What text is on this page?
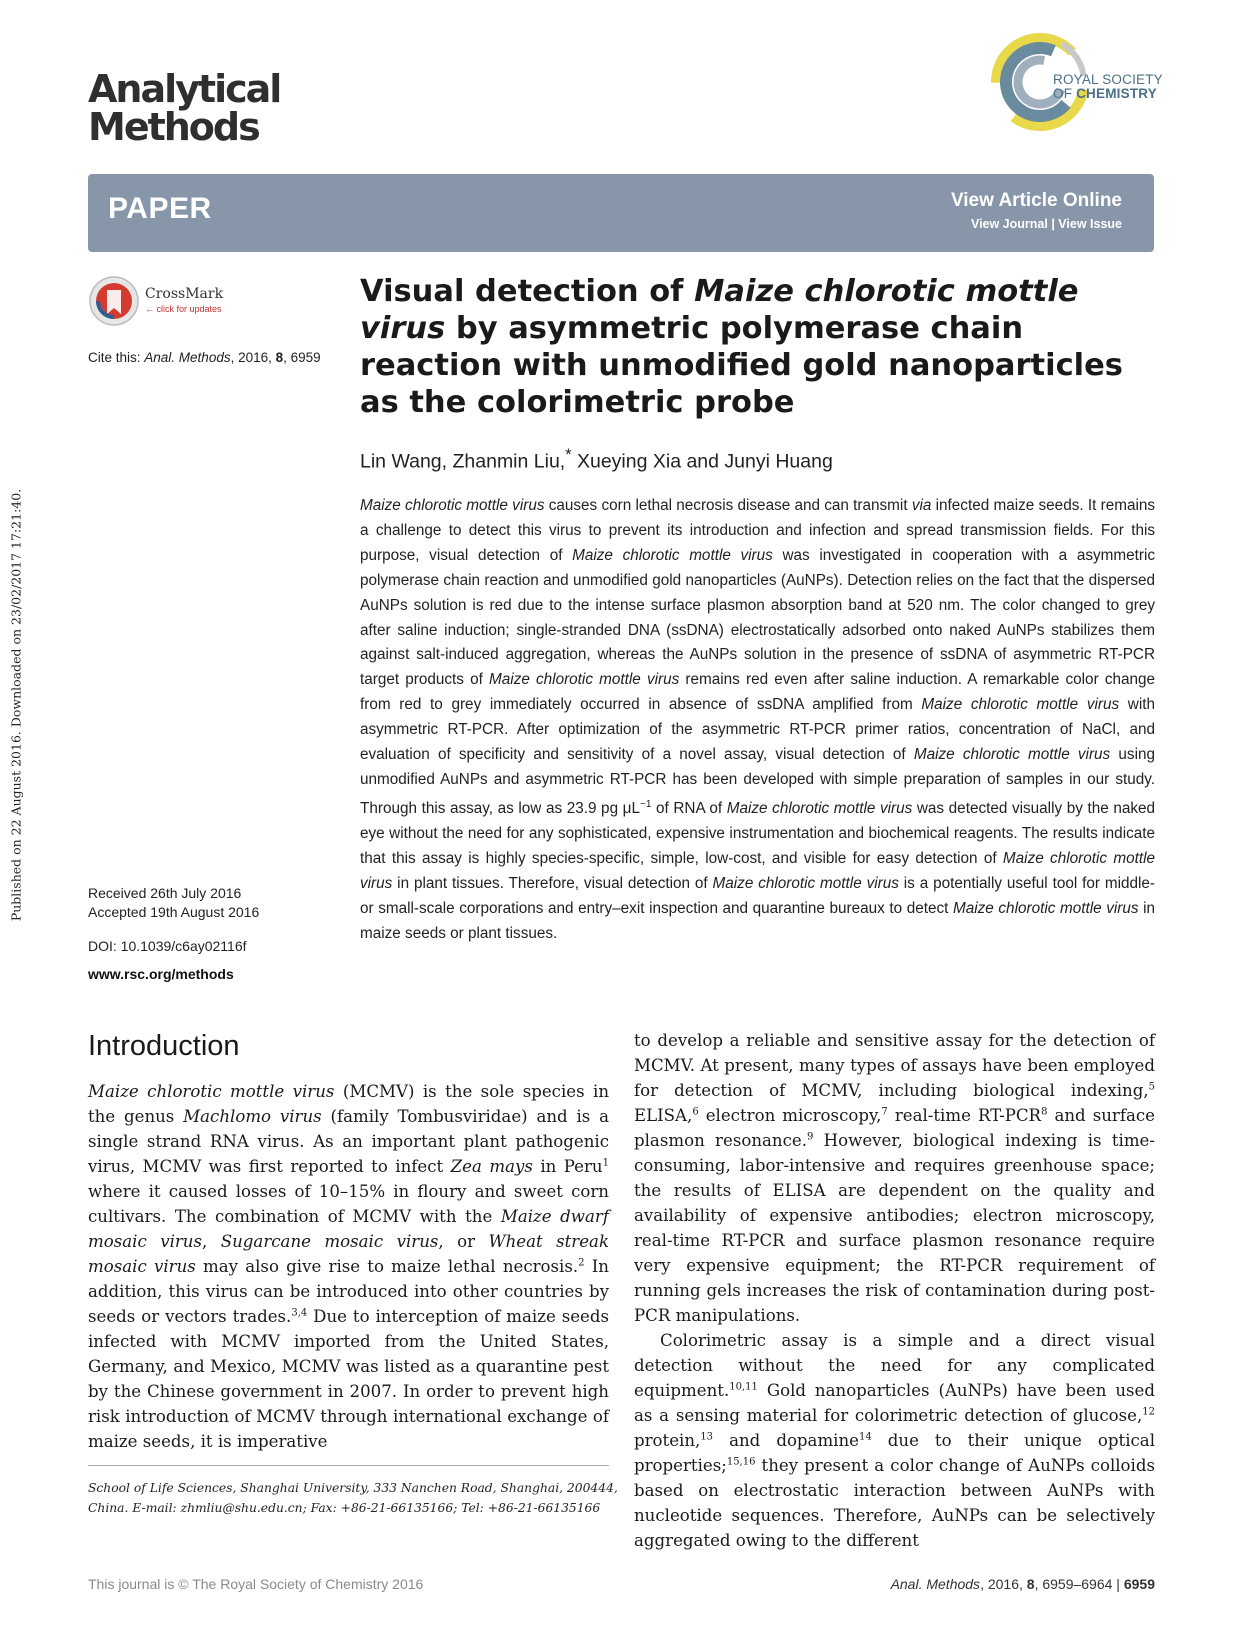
Published on 22 August 2016. Downloaded on 23/02/2017 17:21:40.
Analytical
Methods
ROYAL SOCIETY
OF CHEMISTRY
PAPER	View Article Online
View Journal | View Issue
CrossMark
← click for updates
Cite this: Anal. Methods, 2016, 8, 6959
Visual detection of Maize chlorotic mottle virus by asymmetric polymerase chain reaction with unmodified gold nanoparticles as the colorimetric probe
Lin Wang, Zhanmin Liu,* Xueying Xia and Junyi Huang
Maize chlorotic mottle virus causes corn lethal necrosis disease and can transmit via infected maize seeds. It remains a challenge to detect this virus to prevent its introduction and infection and spread transmission fields. For this purpose, visual detection of Maize chlorotic mottle virus was investigated in cooperation with a asymmetric polymerase chain reaction and unmodified gold nanoparticles (AuNPs). Detection relies on the fact that the dispersed AuNPs solution is red due to the intense surface plasmon absorption band at 520 nm. The color changed to grey after saline induction; single-stranded DNA (ssDNA) electrostatically adsorbed onto naked AuNPs stabilizes them against salt-induced aggregation, whereas the AuNPs solution in the presence of ssDNA of asymmetric RT-PCR target products of Maize chlorotic mottle virus remains red even after saline induction. A remarkable color change from red to grey immediately occurred in absence of ssDNA amplified from Maize chlorotic mottle virus with asymmetric RT-PCR. After optimization of the asymmetric RT-PCR primer ratios, concentration of NaCl, and evaluation of specificity and sensitivity of a novel assay, visual detection of Maize chlorotic mottle virus using unmodified AuNPs and asymmetric RT-PCR has been developed with simple preparation of samples in our study. Through this assay, as low as 23.9 pg $\mu L^{-1}$ of RNA of Maize chlorotic mottle virus was detected visually by the naked eye without the need for any sophisticated, expensive instrumentation and biochemical reagents. The results indicate that this assay is highly species-specific, simple, low-cost, and visible for easy detection of Maize chlorotic mottle virus in plant tissues. Therefore, visual detection of Maize chlorotic mottle virus is a potentially useful tool for middle- or small-scale corporations and entry–exit inspection and quarantine bureaux to detect Maize chlorotic mottle virus in maize seeds or plant tissues.
Received 26th July 2016
Accepted 19th August 2016
DOI: 10.1039/c6ay02116f
www.rsc.org/methods
Introduction
Maize chlorotic mottle virus (MCMV) is the sole species in the genus Machlomo virus (family Tombusviridae) and is a single strand RNA virus. As an important plant pathogenic virus, MCMV was first reported to infect Zea mays in Peru$^1$ where it caused losses of 10–15% in floury and sweet corn cultivars. The combination of MCMV with the Maize dwarf mosaic virus, Sugarcane mosaic virus, or Wheat streak mosaic virus may also give rise to maize lethal necrosis.$^2$ In addition, this virus can be introduced into other countries by seeds or vectors trades.$^{3,4}$ Due to interception of maize seeds infected with MCMV imported from the United States, Germany, and Mexico, MCMV was listed as a quarantine pest by the Chinese government in 2007. In order to prevent high risk introduction of MCMV through international exchange of maize seeds, it is imperative

to develop a reliable and sensitive assay for the detection of MCMV. At present, many types of assays have been employed for detection of MCMV, including biological indexing,$^5$ ELISA,$^6$ electron microscopy,$^7$ real-time RT-PCR$^8$ and surface plasmon resonance.$^9$ However, biological indexing is time-consuming, labor-intensive and requires greenhouse space; the results of ELISA are dependent on the quality and availability of expensive antibodies; electron microscopy, real-time RT-PCR and surface plasmon resonance require very expensive equipment; the RT-PCR requirement of running gels increases the risk of contamination during post-PCR manipulations.

Colorimetric assay is a simple and a direct visual detection without the need for any complicated equipment.$^{10,11}$ Gold nanoparticles (AuNPs) have been used as a sensing material for colorimetric detection of glucose,$^{12}$ protein,$^{13}$ and dopamine$^{14}$ due to their unique optical properties;$^{15,16}$ they present a color change of AuNPs colloids based on electrostatic interaction between AuNPs with nucleotide sequences. Therefore, AuNPs can be selectively aggregated owing to the different

School of Life Sciences, Shanghai University, 333 Nanchen Road, Shanghai, 200444,
China. E-mail: zhmliu@shu.edu.cn; Fax: +86-21-66135166; Tel: +86-21-66135166
This journal is © The Royal Society of Chemistry 2016	Anal. Methods, 2016, 8, 6959–6964 | 6959
